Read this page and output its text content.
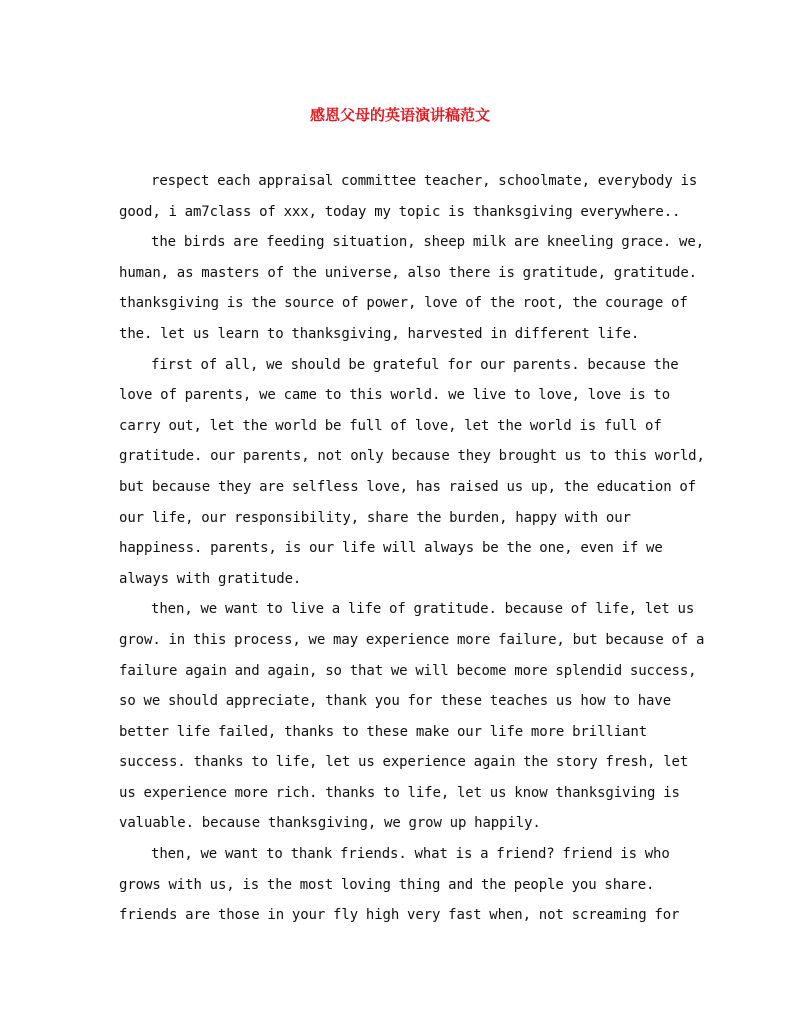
感恩父母的英语演讲稿范文
respect each appraisal committee teacher, schoolmate, everybody is
good, i am7class of xxx, today my topic is thanksgiving everywhere..
the birds are feeding situation, sheep milk are kneeling grace. we,
human, as masters of the universe, also there is gratitude, gratitude.
thanksgiving is the source of power, love of the root, the courage of
the. let us learn to thanksgiving, harvested in different life.
first of all, we should be grateful for our parents. because the
love of parents, we came to this world. we live to love, love is to
carry out, let the world be full of love, let the world is full of
gratitude. our parents, not only because they brought us to this world,
but because they are selfless love, has raised us up, the education of
our life, our responsibility, share the burden, happy with our
happiness. parents, is our life will always be the one, even if we
always with gratitude.
then, we want to live a life of gratitude. because of life, let us
grow. in this process, we may experience more failure, but because of a
failure again and again, so that we will become more splendid success,
so we should appreciate, thank you for these teaches us how to have
better life failed, thanks to these make our life more brilliant
success. thanks to life, let us experience again the story fresh, let
us experience more rich. thanks to life, let us know thanksgiving is
valuable. because thanksgiving, we grow up happily.
then, we want to thank friends. what is a friend? friend is who
grows with us, is the most loving thing and the people you share.
friends are those in your fly high very fast when, not screaming for
